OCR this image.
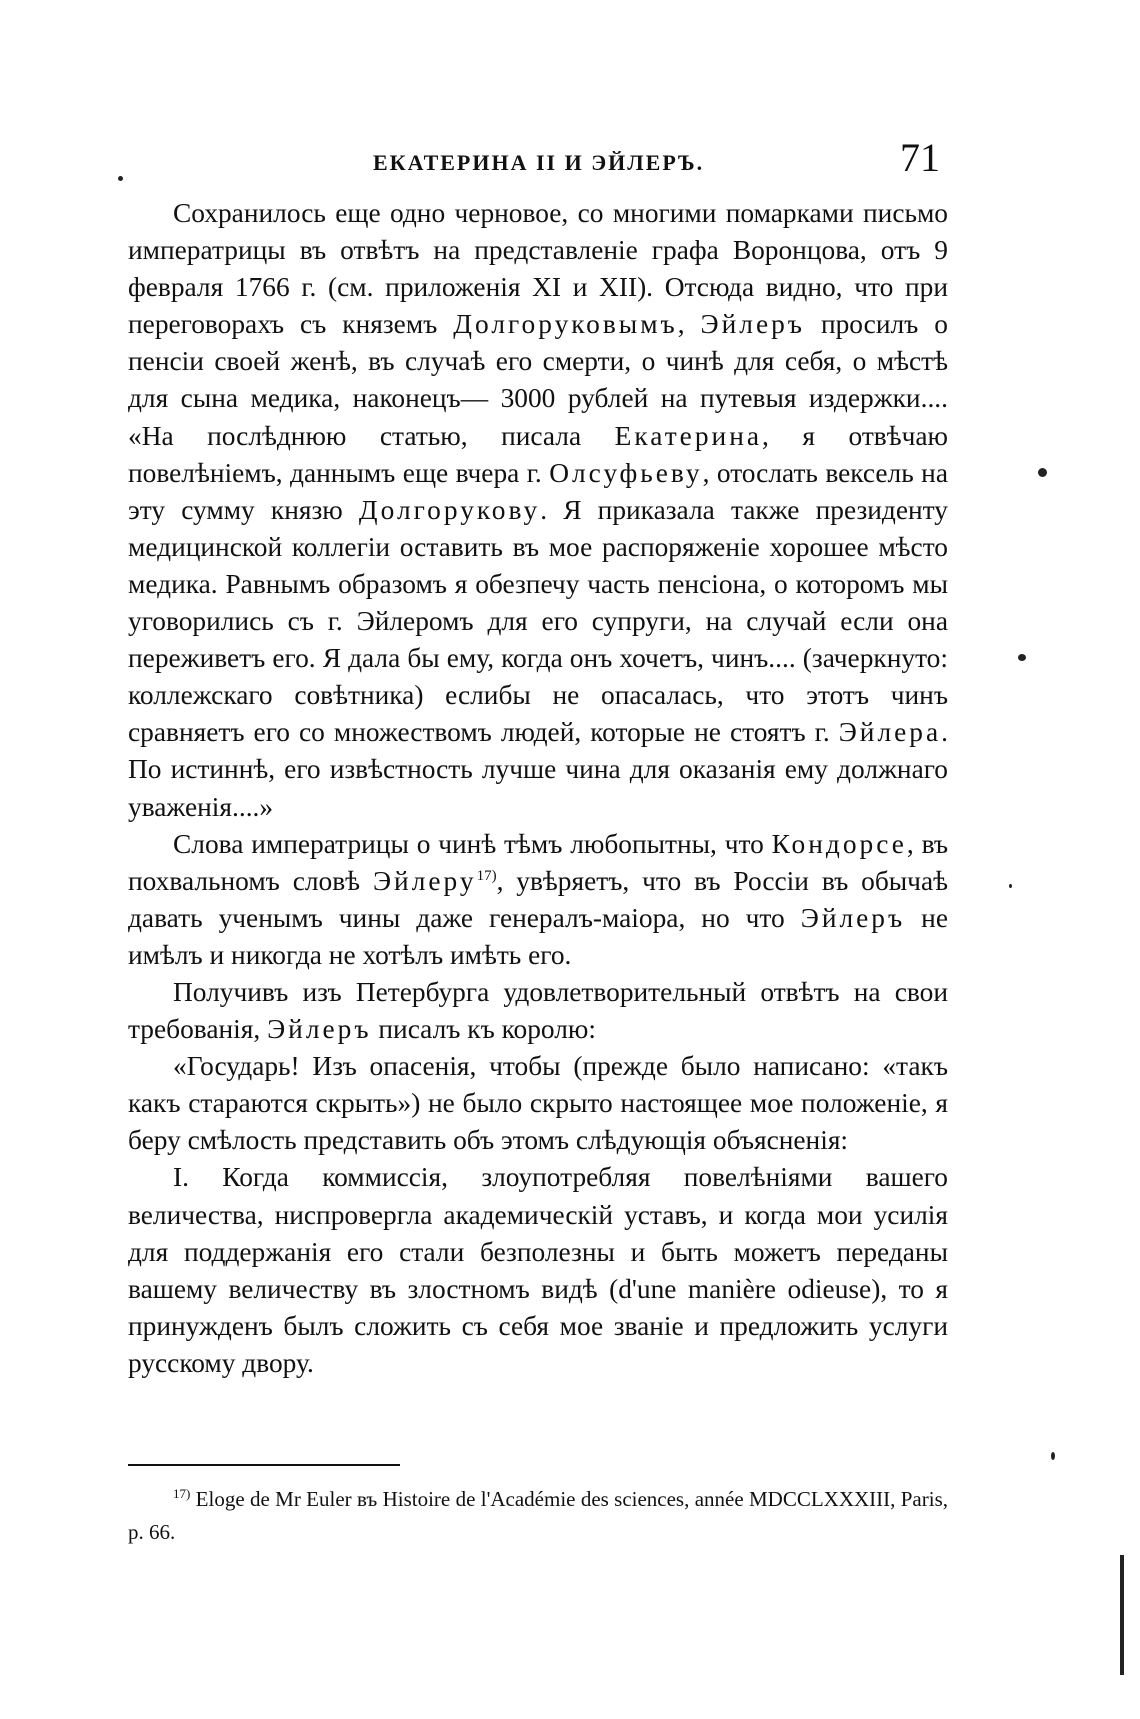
ЕКАТЕРИНА II И ЭЙЛЕРЪ.	71

Сохранилось еще одно черновое, со многими помарками письмо императрицы въ отвѣтъ на представленіе графа Воронцова, отъ 9 февраля 1766 г. (см. приложенія XI и XII). Отсюда видно, что при переговорахъ съ княземъ Долгоруковымъ, Эйлеръ просилъ о пенсіи своей женѣ, въ случаѣ его смерти, о чинѣ для себя, о мѣстѣ для сына медика, наконецъ— 3000 рублей на путевыя издержки.... «На послѣднюю статью, писала Екатерина, я отвѣчаю повелѣніемъ, даннымъ еще вчера г. Олсуфьеву, отослать вексель на эту сумму князю Долгорукову. Я приказала также президенту медицинской коллегіи оставить въ мое распоряженіе хорошее мѣсто медика. Равнымъ образомъ я обезпечу часть пенсіона, о которомъ мы уговорились съ г. Эйлеромъ для его супруги, на случай если она переживетъ его. Я дала бы ему, когда онъ хочетъ, чинъ.... (зачеркнуто: коллежскаго совѣтника) еслибы не опасалась, что этотъ чинъ сравняетъ его со множествомъ людей, которые не стоятъ г. Эйлера. По истиннѣ, его извѣстность лучше чина для оказанія ему должнаго уваженія....»

Слова императрицы о чинѣ тѣмъ любопытны, что Кондорсе, въ похвальномъ словѣ Эйлеру$^{17)}$, увѣряетъ, что въ Россіи въ обычаѣ давать ученымъ чины даже генералъ-маіора, но что Эйлеръ не имѣлъ и никогда не хотѣлъ имѣть его.

Получивъ изъ Петербурга удовлетворительный отвѣтъ на свои требованія, Эйлеръ писалъ къ королю:

«Государь! Изъ опасенія, чтобы (прежде было написано: «такъ какъ стараются скрыть») не было скрыто настоящее мое положеніе, я беру смѣлость представить объ этомъ слѣдующія объясненія:

I. Когда коммиссія, злоупотребляя повелѣніями вашего величества, ниспровергла академическій уставъ, и когда мои усилія для поддержанія его стали безполезны и быть можетъ переданы вашему величеству въ злостномъ видѣ (d'une manière odieuse), то я принужденъ былъ сложить съ себя мое званіе и предложить услуги русскому двору.

$^{17)}$ Eloge de Mr Euler въ Histoire de l'Académie des sciences, année MDCCLXXXIII, Paris, p. 66.
